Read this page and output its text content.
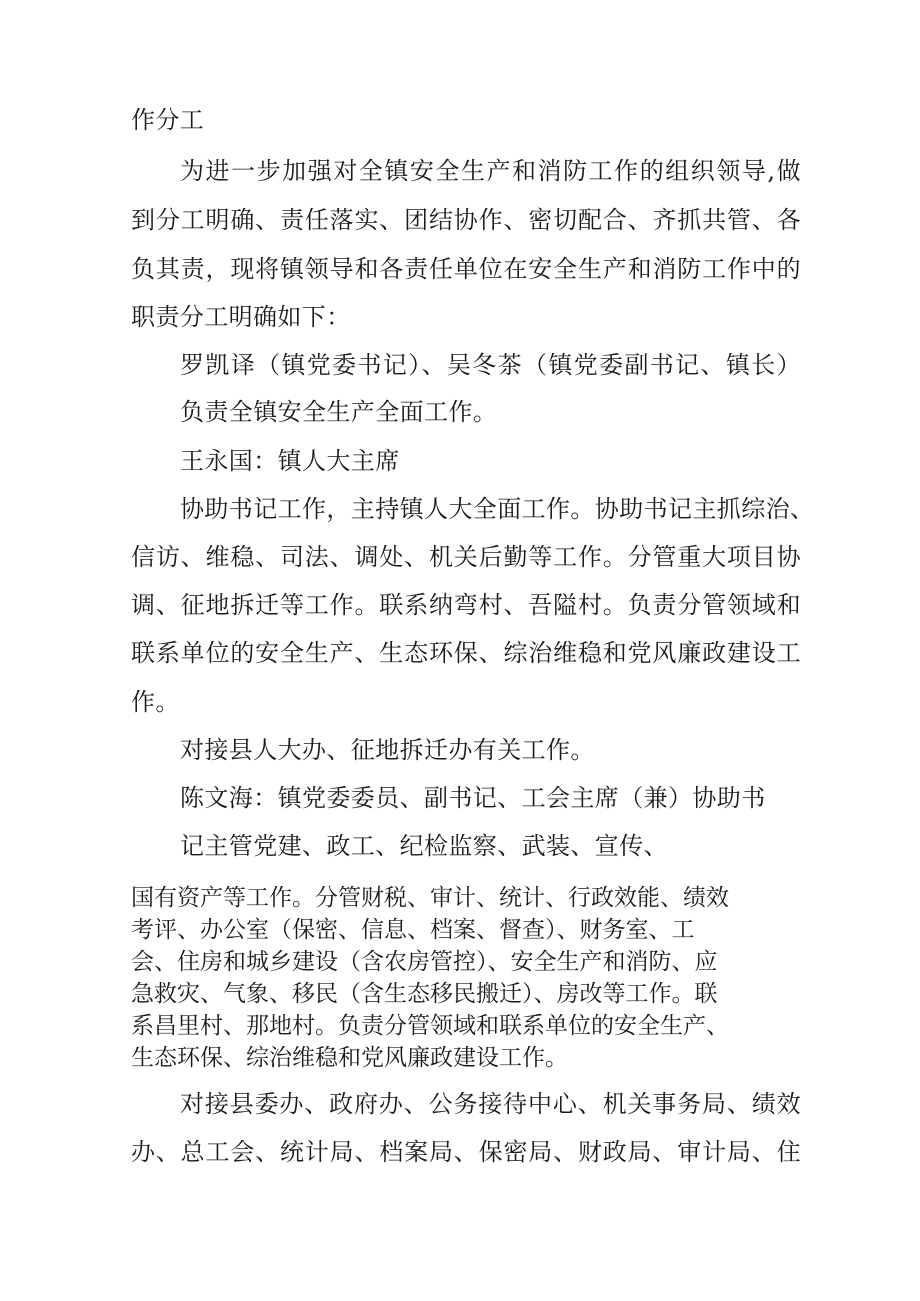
作分工
为进一步加强对全镇安全生产和消防工作的组织领导,做
到分工明确、责任落实、团结协作、密切配合、齐抓共管、各
负其责，现将镇领导和各责任单位在安全生产和消防工作中的
职责分工明确如下：
罗凯译（镇党委书记）、吴冬茶（镇党委副书记、镇长）
负责全镇安全生产全面工作。
王永国：镇人大主席
协助书记工作，主持镇人大全面工作。协助书记主抓综治、
信访、维稳、司法、调处、机关后勤等工作。分管重大项目协
调、征地拆迁等工作。联系纳弯村、吾隘村。负责分管领域和
联系单位的安全生产、生态环保、综治维稳和党风廉政建设工
作。
对接县人大办、征地拆迁办有关工作。
陈文海：镇党委委员、副书记、工会主席（兼）协助书
记主管党建、政工、纪检监察、武装、宣传、
国有资产等工作。分管财税、审计、统计、行政效能、绩效
考评、办公室（保密、信息、档案、督查）、财务室、工
会、住房和城乡建设（含农房管控）、安全生产和消防、应
急救灾、气象、移民（含生态移民搬迁）、房改等工作。联
系昌里村、那地村。负责分管领域和联系单位的安全生产、
生态环保、综治维稳和党风廉政建设工作。
对接县委办、政府办、公务接待中心、机关事务局、绩效
办、总工会、统计局、档案局、保密局、财政局、审计局、住
